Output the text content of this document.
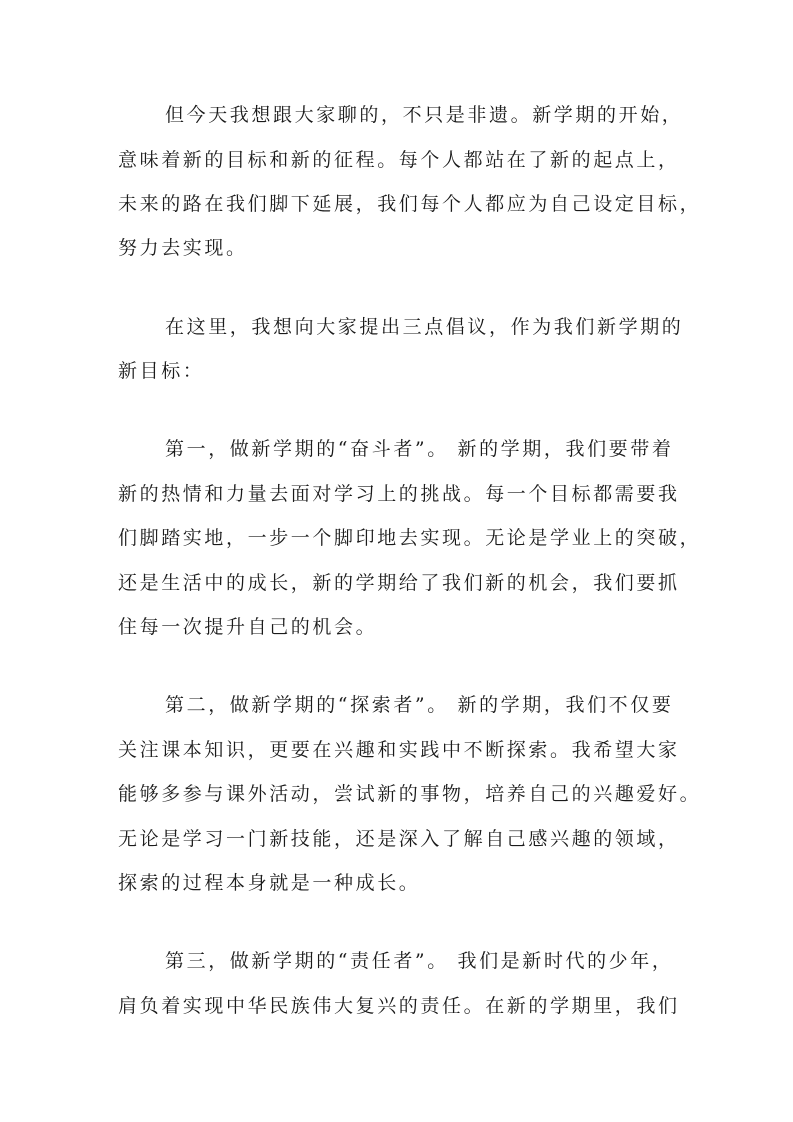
但今天我想跟大家聊的，不只是非遗。新学期的开始，
意味着新的目标和新的征程。每个人都站在了新的起点上，
未来的路在我们脚下延展，我们每个人都应为自己设定目标，
努力去实现。
在这里，我想向大家提出三点倡议，作为我们新学期的
新目标：
第一，做新学期的“奋斗者”。 新的学期，我们要带着
新的热情和力量去面对学习上的挑战。每一个目标都需要我
们脚踏实地，一步一个脚印地去实现。无论是学业上的突破，
还是生活中的成长，新的学期给了我们新的机会，我们要抓
住每一次提升自己的机会。
第二，做新学期的“探索者”。 新的学期，我们不仅要
关注课本知识，更要在兴趣和实践中不断探索。我希望大家
能够多参与课外活动，尝试新的事物，培养自己的兴趣爱好。
无论是学习一门新技能，还是深入了解自己感兴趣的领域，
探索的过程本身就是一种成长。
第三，做新学期的“责任者”。 我们是新时代的少年，
肩负着实现中华民族伟大复兴的责任。在新的学期里，我们
